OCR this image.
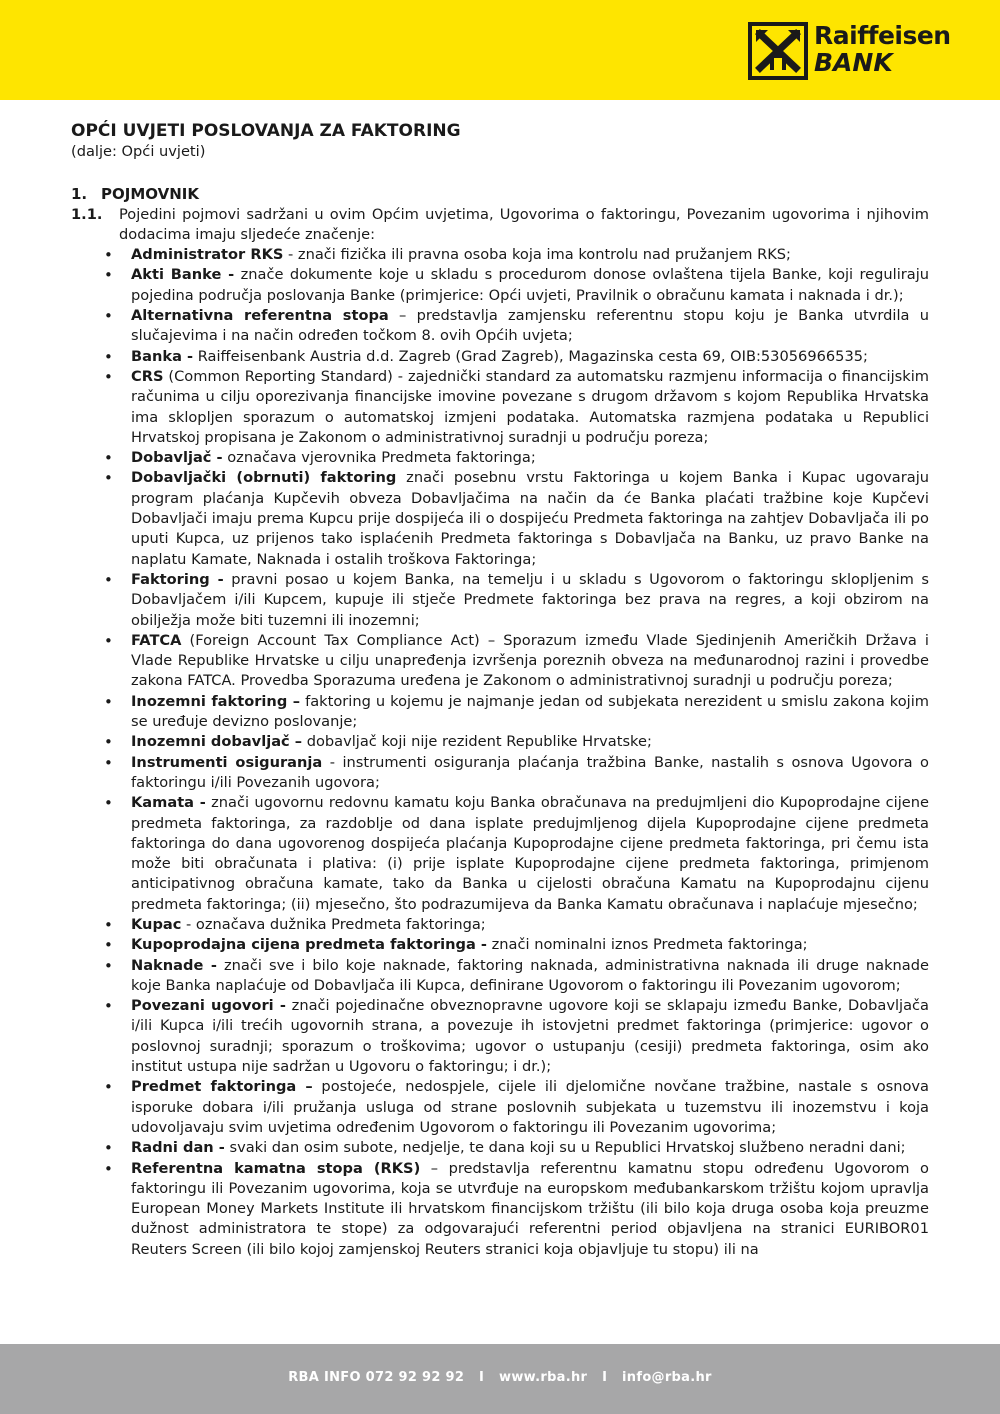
Raiffeisen
BANK
OPĆI UVJETI POSLOVANJA ZA FAKTORING

(dalje: Opći uvjeti)

1. POJMOVNIK

1.1. Pojedini pojmovi sadržani u ovim Općim uvjetima, Ugovorima o faktoringu, Povezanim ugovorima i njihovim dodacima imaju sljedeće značenje:

• Administrator RKS - znači fizička ili pravna osoba koja ima kontrolu nad pružanjem RKS;
• Akti Banke - znače dokumente koje u skladu s procedurom donose ovlaštena tijela Banke, koji reguliraju pojedina područja poslovanja Banke (primjerice: Opći uvjeti, Pravilnik o obračunu kamata i naknada i dr.);
• Alternativna referentna stopa – predstavlja zamjensku referentnu stopu koju je Banka utvrdila u slučajevima i na način određen točkom 8. ovih Općih uvjeta;
• Banka - Raiffeisenbank Austria d.d. Zagreb (Grad Zagreb), Magazinska cesta 69, OIB:53056966535;
• CRS (Common Reporting Standard) - zajednički standard za automatsku razmjenu informacija o financijskim računima u cilju oporezivanja financijske imovine povezane s drugom državom s kojom Republika Hrvatska ima sklopljen sporazum o automatskoj izmjeni podataka. Automatska razmjena podataka u Republici Hrvatskoj propisana je Zakonom o administrativnoj suradnji u području poreza;
• Dobavljač - označava vjerovnika Predmeta faktoringa;
• Dobavljački (obrnuti) faktoring znači posebnu vrstu Faktoringa u kojem Banka i Kupac ugovaraju program plaćanja Kupčevih obveza Dobavljačima na način da će Banka plaćati tražbine koje Kupčevi Dobavljači imaju prema Kupcu prije dospijeća ili o dospijeću Predmeta faktoringa na zahtjev Dobavljača ili po uputi Kupca, uz prijenos tako isplaćenih Predmeta faktoringa s Dobavljača na Banku, uz pravo Banke na naplatu Kamate, Naknada i ostalih troškova Faktoringa;
• Faktoring - pravni posao u kojem Banka, na temelju i u skladu s Ugovorom o faktoringu sklopljenim s Dobavljačem i/ili Kupcem, kupuje ili stječe Predmete faktoringa bez prava na regres, a koji obzirom na obilježja može biti tuzemni ili inozemni;
• FATCA (Foreign Account Tax Compliance Act) – Sporazum između Vlade Sjedinjenih Američkih Država i Vlade Republike Hrvatske u cilju unapređenja izvršenja poreznih obveza na međunarodnoj razini i provedbe zakona FATCA. Provedba Sporazuma uređena je Zakonom o administrativnoj suradnji u području poreza;
• Inozemni faktoring – faktoring u kojemu je najmanje jedan od subjekata nerezident u smislu zakona kojim se uređuje devizno poslovanje;
• Inozemni dobavljač – dobavljač koji nije rezident Republike Hrvatske;
• Instrumenti osiguranja - instrumenti osiguranja plaćanja tražbina Banke, nastalih s osnova Ugovora o faktoringu i/ili Povezanih ugovora;
• Kamata - znači ugovornu redovnu kamatu koju Banka obračunava na predujmljeni dio Kupoprodajne cijene predmeta faktoringa, za razdoblje od dana isplate predujmljenog dijela Kupoprodajne cijene predmeta faktoringa do dana ugovorenog dospijeća plaćanja Kupoprodajne cijene predmeta faktoringa, pri čemu ista može biti obračunata i plativa: (i) prije isplate Kupoprodajne cijene predmeta faktoringa, primjenom anticipativnog obračuna kamate, tako da Banka u cijelosti obračuna Kamatu na Kupoprodajnu cijenu predmeta faktoringa; (ii) mjesečno, što podrazumijeva da Banka Kamatu obračunava i naplaćuje mjesečno;
• Kupac - označava dužnika Predmeta faktoringa;
• Kupoprodajna cijena predmeta faktoringa - znači nominalni iznos Predmeta faktoringa;
• Naknade - znači sve i bilo koje naknade, faktoring naknada, administrativna naknada ili druge naknade koje Banka naplaćuje od Dobavljača ili Kupca, definirane Ugovorom o faktoringu ili Povezanim ugovorom;
• Povezani ugovori - znači pojedinačne obveznopravne ugovore koji se sklapaju između Banke, Dobavljača i/ili Kupca i/ili trećih ugovornih strana, a povezuje ih istovjetni predmet faktoringa (primjerice: ugovor o poslovnoj suradnji; sporazum o troškovima; ugovor o ustupanju (cesiji) predmeta faktoringa, osim ako institut ustupa nije sadržan u Ugovoru o faktoringu; i dr.);
• Predmet faktoringa – postojeće, nedospjele, cijele ili djelomične novčane tražbine, nastale s osnova isporuke dobara i/ili pružanja usluga od strane poslovnih subjekata u tuzemstvu ili inozemstvu i koja udovoljavaju svim uvjetima određenim Ugovorom o faktoringu ili Povezanim ugovorima;
• Radni dan - svaki dan osim subote, nedjelje, te dana koji su u Republici Hrvatskoj službeno neradni dani;
• Referentna kamatna stopa (RKS) – predstavlja referentnu kamatnu stopu određenu Ugovorom o faktoringu ili Povezanim ugovorima, koja se utvrđuje na europskom međubankarskom tržištu kojom upravlja European Money Markets Institute ili hrvatskom financijskom tržištu (ili bilo koja druga osoba koja preuzme dužnost administratora te stope) za odgovarajući referentni period objavljena na stranici EURIBOR01 Reuters Screen (ili bilo kojoj zamjenskoj Reuters stranici koja objavljuje tu stopu) ili na
RBA INFO 072 92 92 92 I www.rba.hr I info@rba.hr
